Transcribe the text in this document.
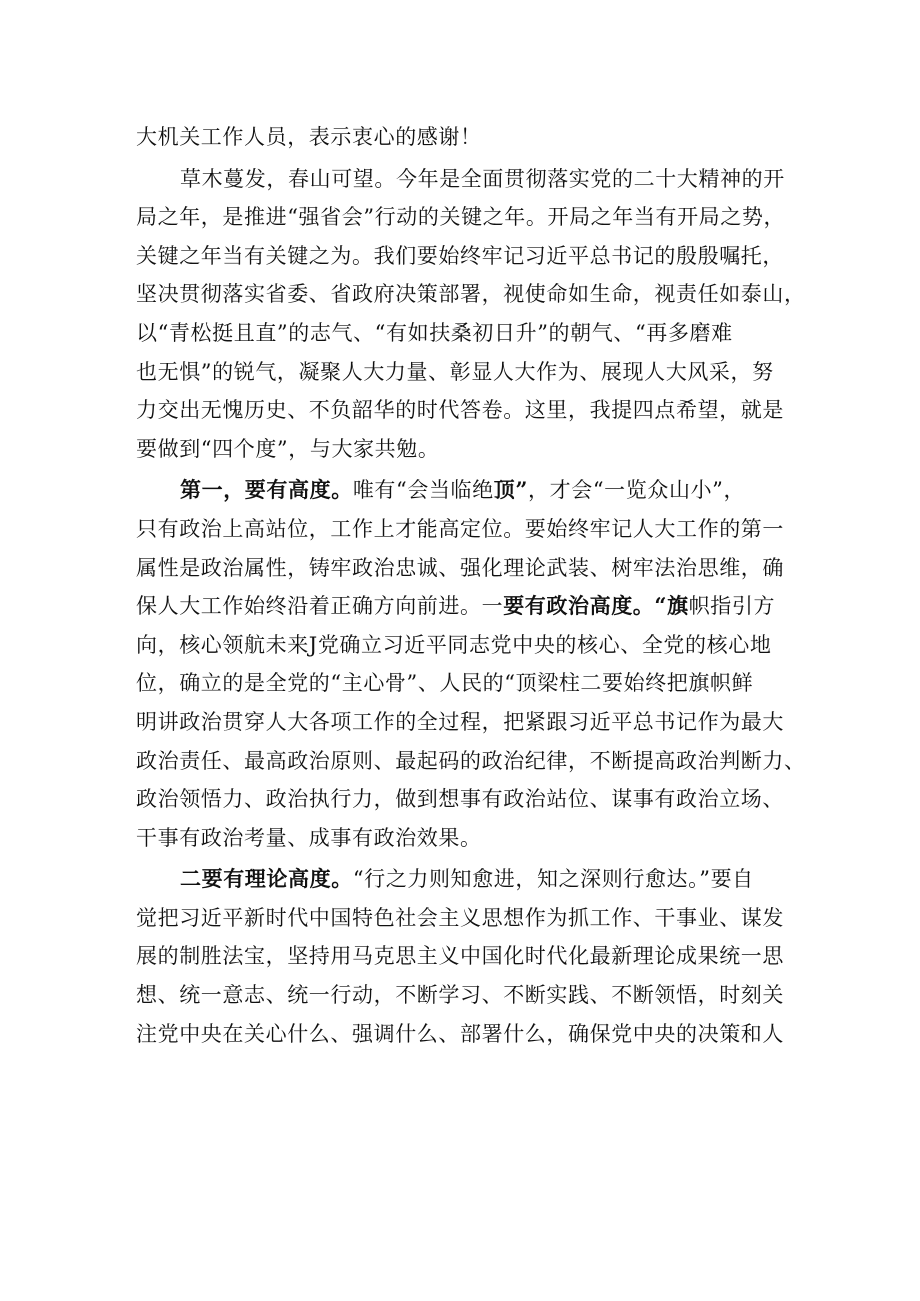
大机关工作人员，表示衷心的感谢！

草木蔓发，春山可望。今年是全面贯彻落实党的二十大精神的开
局之年，是推进“强省会”行动的关键之年。开局之年当有开局之势，
关键之年当有关键之为。我们要始终牢记习近平总书记的殷殷嘱托，
坚决贯彻落实省委、省政府决策部署，视使命如生命，视责任如泰山，
以“青松挺且直”的志气、“有如扶桑初日升”的朝气、“再多磨难
也无惧”的锐气，凝聚人大力量、彰显人大作为、展现人大风采，努
力交出无愧历史、不负韶华的时代答卷。这里，我提四点希望，就是
要做到“四个度”，与大家共勉。

第一，要有高度。唯有“会当临绝顶”，才会“一览众山小”，
只有政治上高站位，工作上才能高定位。要始终牢记人大工作的第一
属性是政治属性，铸牢政治忠诚、强化理论武装、树牢法治思维，确
保人大工作始终沿着正确方向前进。一要有政治高度。“旗帜指引方
向，核心领航未来J党确立习近平同志党中央的核心、全党的核心地
位，确立的是全党的“主心骨”、人民的“顶梁柱二要始终把旗帜鲜
明讲政治贯穿人大各项工作的全过程，把紧跟习近平总书记作为最大
政治责任、最高政治原则、最起码的政治纪律，不断提高政治判断力、
政治领悟力、政治执行力，做到想事有政治站位、谋事有政治立场、
干事有政治考量、成事有政治效果。

二要有理论高度。“行之力则知愈进，知之深则行愈达。”要自
觉把习近平新时代中国特色社会主义思想作为抓工作、干事业、谋发
展的制胜法宝，坚持用马克思主义中国化时代化最新理论成果统一思
想、统一意志、统一行动，不断学习、不断实践、不断领悟，时刻关
注党中央在关心什么、强调什么、部署什么，确保党中央的决策和人
